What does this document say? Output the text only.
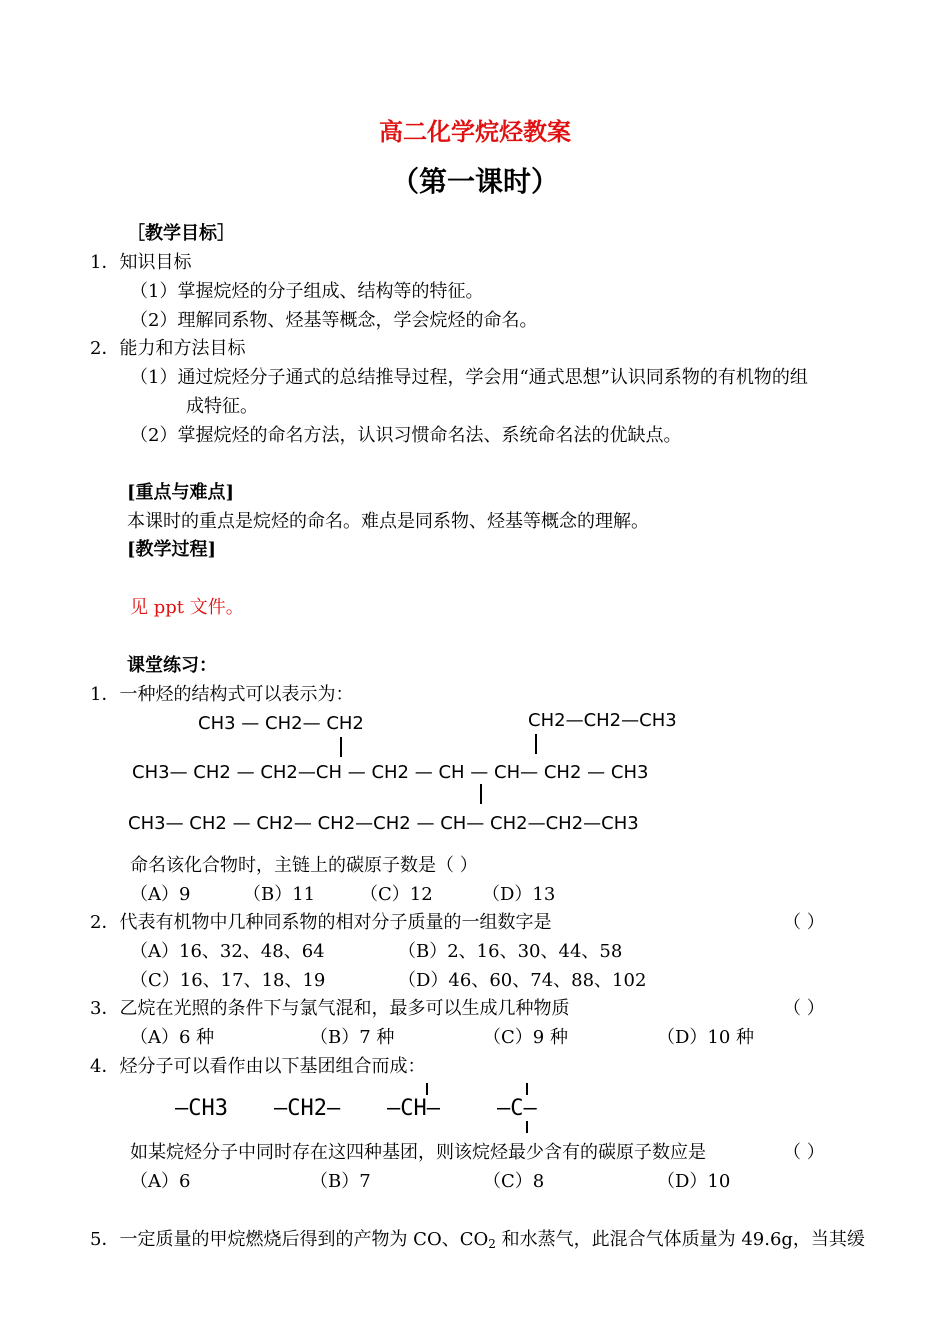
高二化学烷烃教案
（第一课时）
［教学目标］
1．知识目标
（1）掌握烷烃的分子组成、结构等的特征。
（2）理解同系物、烃基等概念，学会烷烃的命名。
2．能力和方法目标
（1）通过烷烃分子通式的总结推导过程，学会用“通式思想”认识同系物的有机物的组
成特征。
（2）掌握烷烃的命名方法，认识习惯命名法、系统命名法的优缺点。
[重点与难点]
本课时的重点是烷烃的命名。难点是同系物、烃基等概念的理解。
[教学过程]
见 ppt 文件。
课堂练习：
1．一种烃的结构式可以表示为：
CH3 — CH2— CH2	CH2—CH2—CH3
CH3— CH2 — CH2—CH — CH2 — CH — CH— CH2 — CH3
CH3— CH2 — CH2— CH2—CH2 — CH— CH2—CH2—CH3
命名该化合物时，主链上的碳原子数是（ ）
（A）9	（B）11 （C）12	（D）13
2．代表有机物中几种同系物的相对分子质量的一组数字是	（ ）
（A）16、32、48、64	（B）2、16、30、44、58
（C）16、17、18、19	（D）46、60、74、88、102
3．乙烷在光照的条件下与氯气混和，最多可以生成几种物质	（ ）
（A）6 种	（B）7 种	（C）9 种	（D）10 种
4．烃分子可以看作由以下基团组合而成：
—CH3 —CH2— —CH—	—C—
如某烷烃分子中同时存在这四种基团，则该烷烃最少含有的碳原子数应是	（ ）
（A）6	（B）7	（C）8	（D）10
5．一定质量的甲烷燃烧后得到的产物为 CO、$CO_2$ 和水蒸气，此混合气体质量为 49.6g，当其缓
